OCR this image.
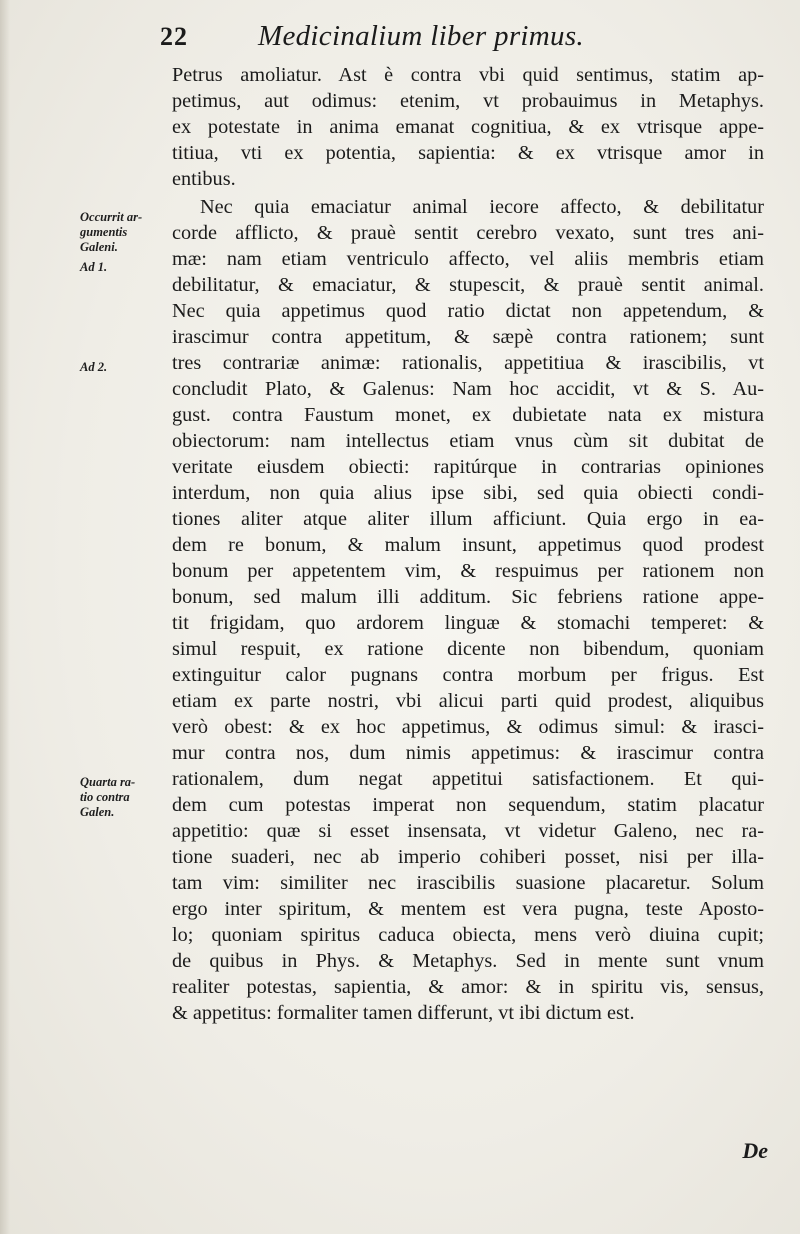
22 Medicinalium liber primus.
Occurrit ar-
gumentis
Galeni.
Ad 1.
Ad 2.
Quarta ra-
tio contra
Galen.
Petrus amoliatur. Ast è contra vbi quid sentimus, statim ap-
petimus, aut odimus: etenim, vt probauimus in Metaphys.
ex potestate in anima emanat cognitiua, & ex vtrisque appe-
titiua, vti ex potentia, sapientia: & ex vtrisque amor in
entibus.
Nec quia emaciatur animal iecore affecto, & debilitatur
corde afflicto, & prauè sentit cerebro vexato, sunt tres ani-
mæ: nam etiam ventriculo affecto, vel aliis membris etiam
debilitatur, & emaciatur, & stupescit, & prauè sentit animal.
Nec quia appetimus quod ratio dictat non appetendum, &
irascimur contra appetitum, & sæpè contra rationem; sunt
tres contrariæ animæ: rationalis, appetitiua & irascibilis, vt
concludit Plato, & Galenus: Nam hoc accidit, vt & S. Au-
gust. contra Faustum monet, ex dubietate nata ex mistura
obiectorum: nam intellectus etiam vnus cùm sit dubitat de
veritate eiusdem obiecti: rapitúrque in contrarias opiniones
interdum, non quia alius ipse sibi, sed quia obiecti condi-
tiones aliter atque aliter illum afficiunt. Quia ergo in ea-
dem re bonum, & malum insunt, appetimus quod prodest
bonum per appetentem vim, & respuimus per rationem non
bonum, sed malum illi additum. Sic febriens ratione appe-
tit frigidam, quo ardorem linguæ & stomachi temperet: &
simul respuit, ex ratione dicente non bibendum, quoniam
extinguitur calor pugnans contra morbum per frigus. Est
etiam ex parte nostri, vbi alicui parti quid prodest, aliquibus
verò obest: & ex hoc appetimus, & odimus simul: & irasci-
mur contra nos, dum nimis appetimus: & irascimur contra
rationalem, dum negat appetitui satisfactionem. Et qui-
dem cum potestas imperat non sequendum, statim placatur
appetitio: quæ si esset insensata, vt videtur Galeno, nec ra-
tione suaderi, nec ab imperio cohiberi posset, nisi per illa-
tam vim: similiter nec irascibilis suasione placaretur. Solum
ergo inter spiritum, & mentem est vera pugna, teste Aposto-
lo; quoniam spiritus caduca obiecta, mens verò diuina cupit;
de quibus in Phys. & Metaphys. Sed in mente sunt vnum
realiter potestas, sapientia, & amor: & in spiritu vis, sensus,
& appetitus: formaliter tamen differunt, vt ibi dictum est.
De
